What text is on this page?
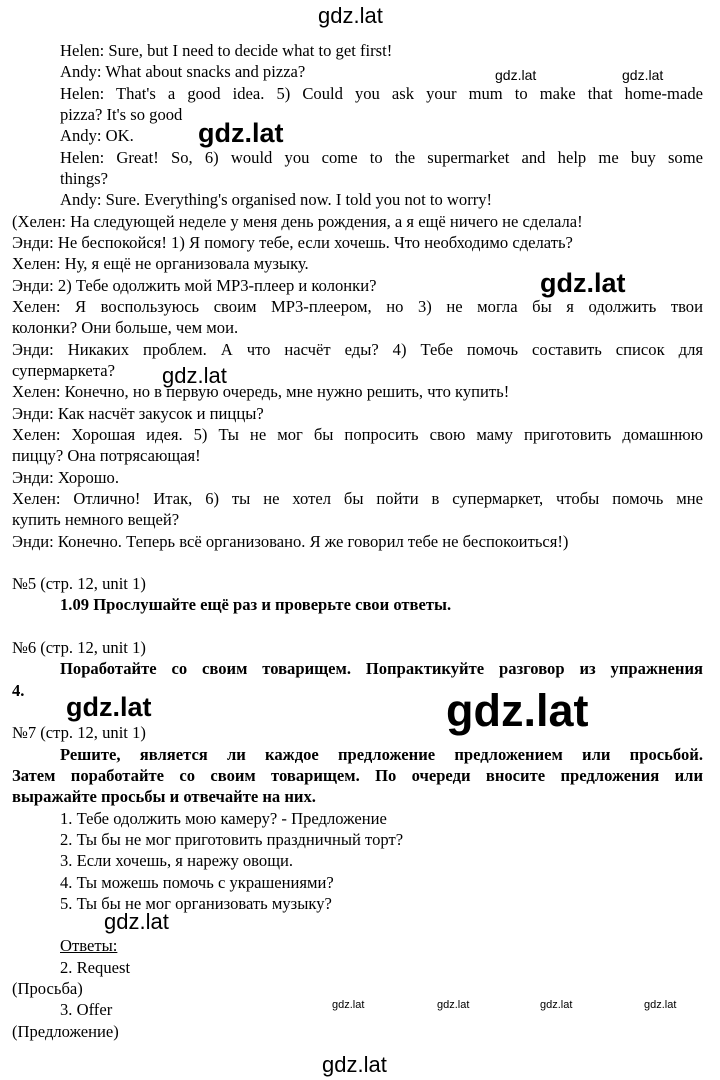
Helen: Sure, but I need to decide what to get first!
Andy: What about snacks and pizza?
Helen: That's a good idea. 5) Could you ask your mum to make that home-made
pizza? It's so good
Andy: OK.
Helen: Great! So, 6) would you come to the supermarket and help me buy some
things?
Andy: Sure. Everything's organised now. I told you not to worry!
(Хелен: На следующей неделе у меня день рождения, а я ещё ничего не сделала!
Энди: Не беспокойся! 1) Я помогу тебе, если хочешь. Что необходимо сделать?
Хелен: Ну, я ещё не организовала музыку.
Энди: 2) Тебе одолжить мой МР3-плеер и колонки?
Хелен: Я воспользуюсь своим МР3-плеером, но 3) не могла бы я одолжить твои
колонки? Они больше, чем мои.
Энди: Никаких проблем. А что насчёт еды? 4) Тебе помочь составить список для
супермаркета?
Хелен: Конечно, но в первую очередь, мне нужно решить, что купить!
Энди: Как насчёт закусок и пиццы?
Хелен: Хорошая идея. 5) Ты не мог бы попросить свою маму приготовить домашнюю
пиццу? Она потрясающая!
Энди: Хорошо.
Хелен: Отлично! Итак, 6) ты не хотел бы пойти в супермаркет, чтобы помочь мне
купить немного вещей?
Энди: Конечно. Теперь всё организовано. Я же говорил тебе не беспокоиться!)
№5 (стр. 12, unit 1)
1.09 Прослушайте ещё раз и проверьте свои ответы.
№6 (стр. 12, unit 1)
Поработайте со своим товарищем. Попрактикуйте разговор из упражнения
4.
№7 (стр. 12, unit 1)
Решите, является ли каждое предложение предложением или просьбой.
Затем поработайте со своим товарищем. По очереди вносите предложения или
выражайте просьбы и отвечайте на них.
1. Тебе одолжить мою камеру? - Предложение
2. Ты бы не мог приготовить праздничный торт?
3. Если хочешь, я нарежу овощи.
4. Ты можешь помочь с украшениями?
5. Ты бы не мог организовать музыку?
Ответы:
2. Request
(Просьба)
3. Offer
(Предложение)
gdz.lat
gdz.lat	gdz.lat
gdz.lat
gdz.lat
gdz.lat
gdz.lat	gdz.lat
gdz.lat
gdz.lat	gdz.lat	gdz.lat	gdz.lat
gdz.lat
